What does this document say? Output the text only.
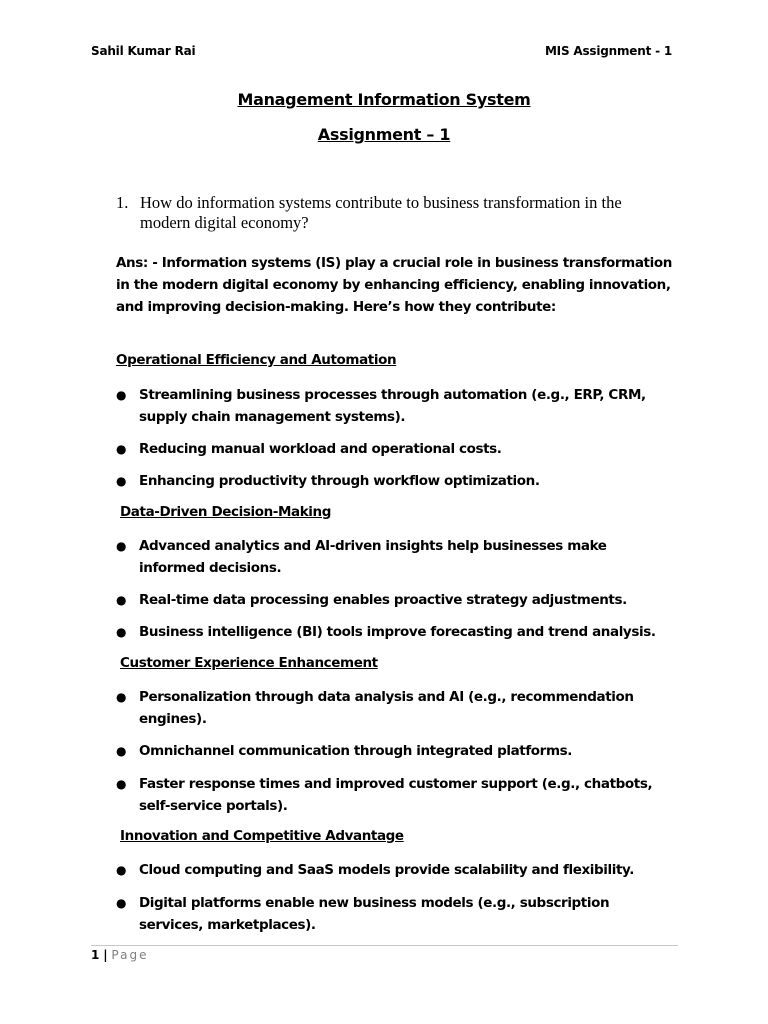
Sahil Kumar Rai	MIS Assignment - 1
Management Information System
Assignment – 1
1. How do information systems contribute to business transformation in the modern digital economy?
Ans: - Information systems (IS) play a crucial role in business transformation in the modern digital economy by enhancing efficiency, enabling innovation, and improving decision-making. Here’s how they contribute:
Operational Efficiency and Automation
● Streamlining business processes through automation (e.g., ERP, CRM, supply chain management systems).
● Reducing manual workload and operational costs.
● Enhancing productivity through workflow optimization.
Data-Driven Decision-Making
● Advanced analytics and AI-driven insights help businesses make informed decisions.
● Real-time data processing enables proactive strategy adjustments.
● Business intelligence (BI) tools improve forecasting and trend analysis.
Customer Experience Enhancement
● Personalization through data analysis and AI (e.g., recommendation engines).
● Omnichannel communication through integrated platforms.
● Faster response times and improved customer support (e.g., chatbots, self-service portals).
Innovation and Competitive Advantage
● Cloud computing and SaaS models provide scalability and flexibility.
● Digital platforms enable new business models (e.g., subscription services, marketplaces).
1 | Page
